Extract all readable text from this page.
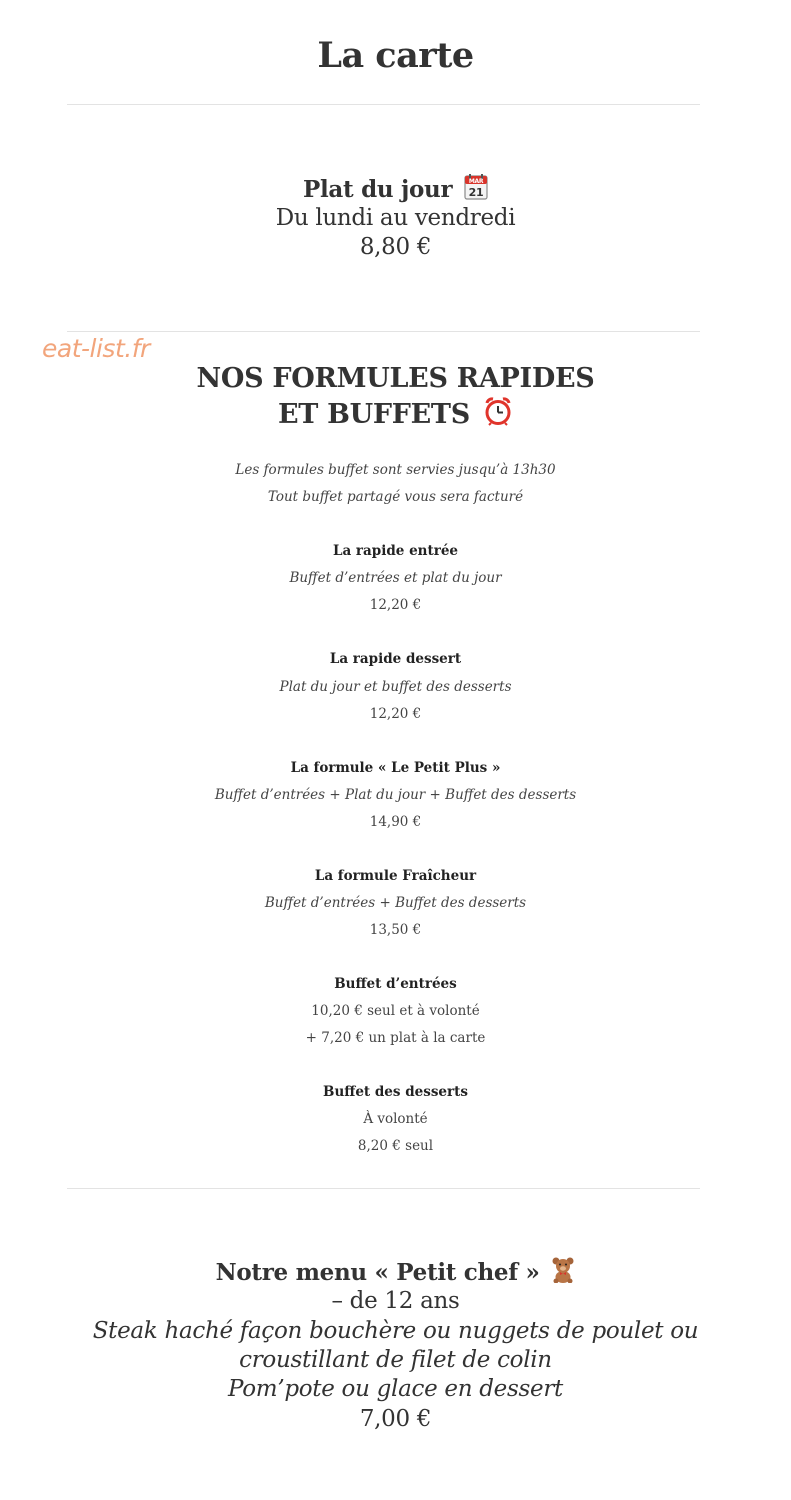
La carte
Plat du jour	MAR
21
Du lundi au vendredi
8,80 €
eat-list.fr
NOS FORMULES RAPIDES
ET BUFFETS
Les formules buffet sont servies jusqu’à 13h30
Tout buffet partagé vous sera facturé
La rapide entrée
Buffet d’entrées et plat du jour
12,20 €
La rapide dessert
Plat du jour et buffet des desserts
12,20 €
La formule « Le Petit Plus »
Buffet d’entrées + Plat du jour + Buffet des desserts
14,90 €
La formule Fraîcheur
Buffet d’entrées + Buffet des desserts
13,50 €
Buffet d’entrées
10,20 € seul et à volonté
+ 7,20 € un plat à la carte
Buffet des desserts
À volonté
8,20 € seul
Notre menu « Petit chef »
– de 12 ans
Steak haché façon bouchère ou nuggets de poulet ou
croustillant de filet de colin
Pom’pote ou glace en dessert
7,00 €
